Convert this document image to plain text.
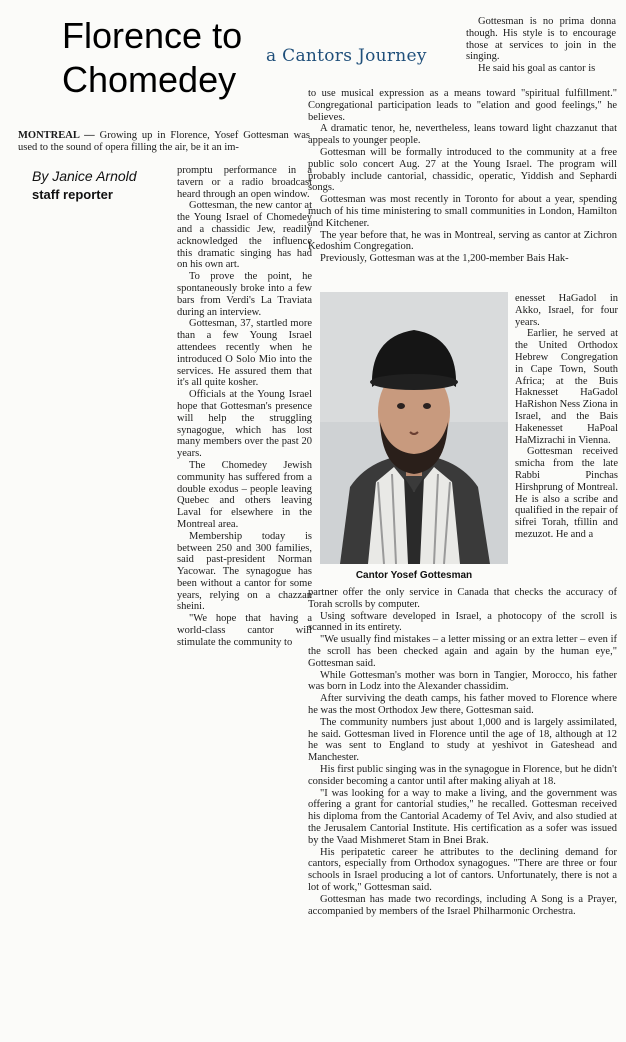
Florence to
Chomedey
a Cantors Journey
MONTREAL — Growing up in Florence, Yosef Gottesman was used to the sound of opera filling the air, be it an im-
By Janice Arnold
staff reporter

promptu performance in a tavern or a radio broadcast heard through an open window.

Gottesman, the new cantor at the Young Israel of Chomedey and a chassidic Jew, readily acknowledged the influence this dramatic singing has had on his own art.

To prove the point, he spontaneously broke into a few bars from Verdi's La Traviata during an interview.

Gottesman, 37, startled more than a few Young Israel attendees recently when he introduced O Solo Mio into the services. He assured them that it's all quite kosher.

Officials at the Young Israel hope that Gottesman's presence will help the struggling synagogue, which has lost many members over the past 20 years.

The Chomedey Jewish community has suffered from a double exodus – people leaving Quebec and others leaving Laval for elsewhere in the Montreal area.

Membership today is between 250 and 300 families, said past-president Norman Yacowar. The synagogue has been without a cantor for some years, relying on a chazzan sheini.

"We hope that having a world-class cantor will stimulate the community to

Gottesman is no prima donna though. His style is to encourage those at services to join in the singing.

He said his goal as cantor is

to use musical expression as a means toward "spiritual fulfillment." Congregational participation leads to "elation and good feelings," he believes.

A dramatic tenor, he, nevertheless, leans toward light chazzanut that appeals to younger people.

Gottesman will be formally introduced to the community at a free public solo concert Aug. 27 at the Young Israel. The program will probably include cantorial, chassidic, operatic, Yiddish and Sephardi songs.

Gottesman was most recently in Toronto for about a year, spending much of his time ministering to small communities in London, Hamilton and Kitchener.

The year before that, he was in Montreal, serving as cantor at Zichron Kedoshim Congregation.

Previously, Gottesman was at the 1,200-member Bais Hak-

Cantor Yosef Gottesman

enesset HaGadol in Akko, Israel, for four years.

Earlier, he served at the United Orthodox Hebrew Congregation in Cape Town, South Africa; at the Buis Haknesset HaGadol HaRishon Ness Ziona in Israel, and the Bais Hakenesset HaPoal HaMizrachi in Vienna.

Gottesman received smicha from the late Rabbi Pinchas Hirshprung of Montreal. He is also a scribe and qualified in the repair of sifrei Torah, tfillin and mezuzot. He and a

partner offer the only service in Canada that checks the accuracy of Torah scrolls by computer.

Using software developed in Israel, a photocopy of the scroll is scanned in its entirety.

"We usually find mistakes – a letter missing or an extra letter – even if the scroll has been checked again and again by the human eye," Gottesman said.

While Gottesman's mother was born in Tangier, Morocco, his father was born in Lodz into the Alexander chassidim.

After surviving the death camps, his father moved to Florence where he was the most Orthodox Jew there, Gottesman said.

The community numbers just about 1,000 and is largely assimilated, he said. Gottesman lived in Florence until the age of 18, although at 12 he was sent to England to study at yeshivot in Gateshead and Manchester.

His first public singing was in the synagogue in Florence, but he didn't consider becoming a cantor until after making aliyah at 18.

"I was looking for a way to make a living, and the government was offering a grant for cantorial studies," he recalled. Gottesman received his diploma from the Cantorial Academy of Tel Aviv, and also studied at the Jerusalem Cantorial Institute. His certification as a sofer was issued by the Vaad Mishmeret Stam in Bnei Brak.

His peripatetic career he attributes to the declining demand for cantors, especially from Orthodox synagogues. "There are three or four schools in Israel producing a lot of cantors. Unfortunately, there is not a lot of work," Gottesman said.

Gottesman has made two recordings, including A Song is a Prayer, accompanied by members of the Israel Philharmonic Orchestra.
